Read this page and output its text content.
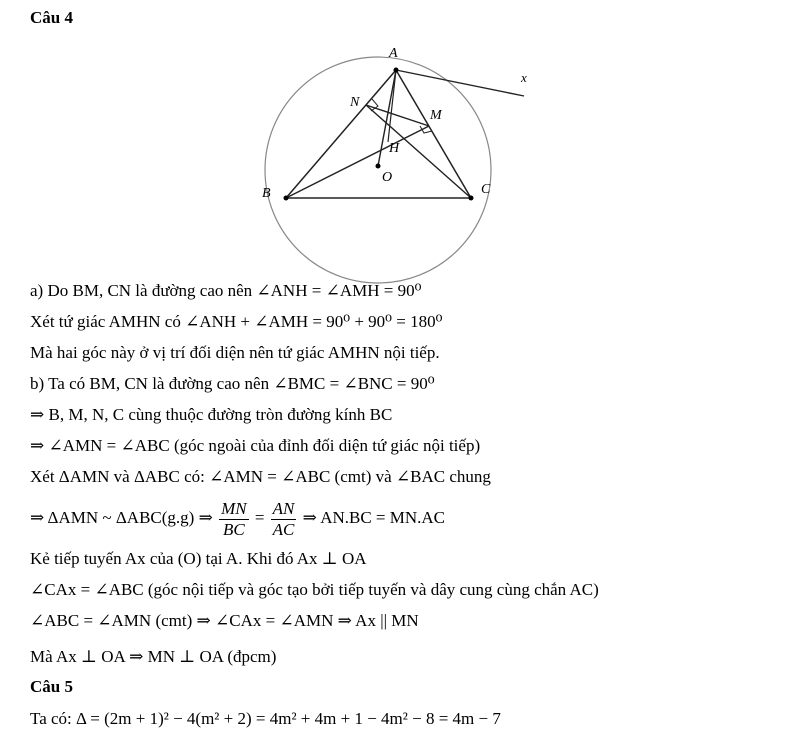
Câu 4
A
B	C
N
M
H
O
x
a) Do BM, CN là đường cao nên ∠ANH = ∠AMH = 90⁰
Xét tứ giác AMHN có ∠ANH + ∠AMH = 90⁰ + 90⁰ = 180⁰
Mà hai góc này ở vị trí đối diện nên tứ giác AMHN nội tiếp.
b) Ta có BM, CN là đường cao nên ∠BMC = ∠BNC = 90⁰
⇒ B, M, N, C cùng thuộc đường tròn đường kính BC
⇒ ∠AMN = ∠ABC (góc ngoài của đỉnh đối diện tứ giác nội tiếp)
Xét ΔAMN và ΔABC có: ∠AMN = ∠ABC (cmt) và ∠BAC chung
⇒ ΔAMN ~ ΔABC(g.g) ⇒ $\frac{MN}{BC} = \frac{AN}{AC}$ ⇒ AN.BC = MN.AC
Kẻ tiếp tuyến Ax của (O) tại A. Khi đó Ax ⊥ OA
∠CAx = ∠ABC (góc nội tiếp và góc tạo bởi tiếp tuyến và dây cung cùng chắn AC)
∠ABC = ∠AMN (cmt) ⇒ ∠CAx = ∠AMN ⇒ Ax || MN
Mà Ax ⊥ OA ⇒ MN ⊥ OA (đpcm)
Câu 5
Ta có: Δ = (2m + 1)² − 4(m² + 2) = 4m² + 4m + 1 − 4m² − 8 = 4m − 7
